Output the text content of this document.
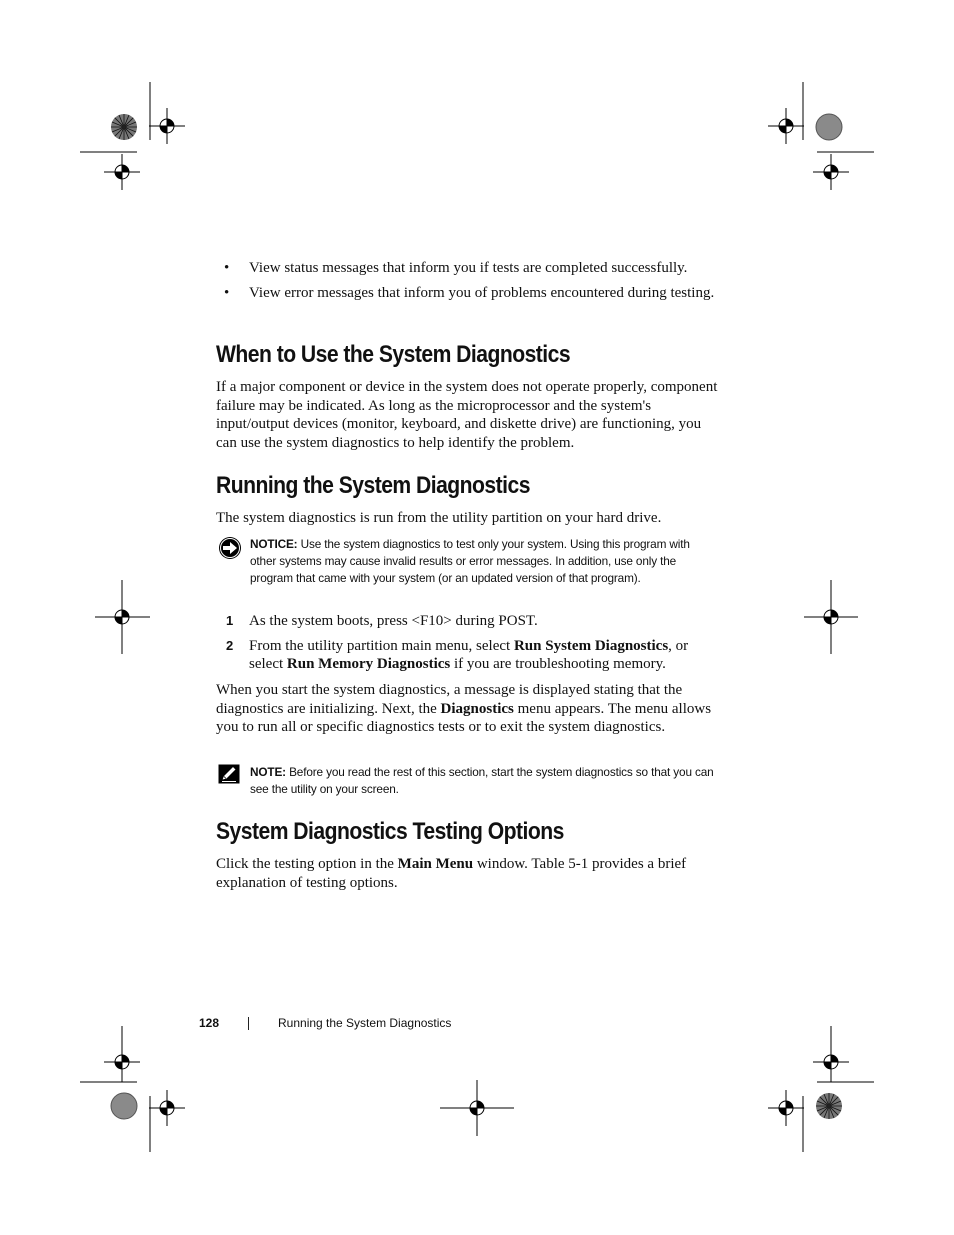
• View status messages that inform you if tests are completed successfully.
• View error messages that inform you of problems encountered during testing.
When to Use the System Diagnostics

If a major component or device in the system does not operate properly, component failure may be indicated. As long as the microprocessor and the system's input/output devices (monitor, keyboard, and diskette drive) are functioning, you can use the system diagnostics to help identify the problem.

Running the System Diagnostics

The system diagnostics is run from the utility partition on your hard drive.

NOTICE: Use the system diagnostics to test only your system. Using this program with other systems may cause invalid results or error messages. In addition, use only the program that came with your system (or an updated version of that program).
1 As the system boots, press <F10> during POST.
2 From the utility partition main menu, select Run System Diagnostics, or select Run Memory Diagnostics if you are troubleshooting memory.

When you start the system diagnostics, a message is displayed stating that the diagnostics are initializing. Next, the Diagnostics menu appears. The menu allows you to run all or specific diagnostics tests or to exit the system diagnostics.

NOTE: Before you read the rest of this section, start the system diagnostics so that you can see the utility on your screen.
System Diagnostics Testing Options

Click the testing option in the Main Menu window. Table 5-1 provides a brief explanation of testing options.

128	Running the System Diagnostics
